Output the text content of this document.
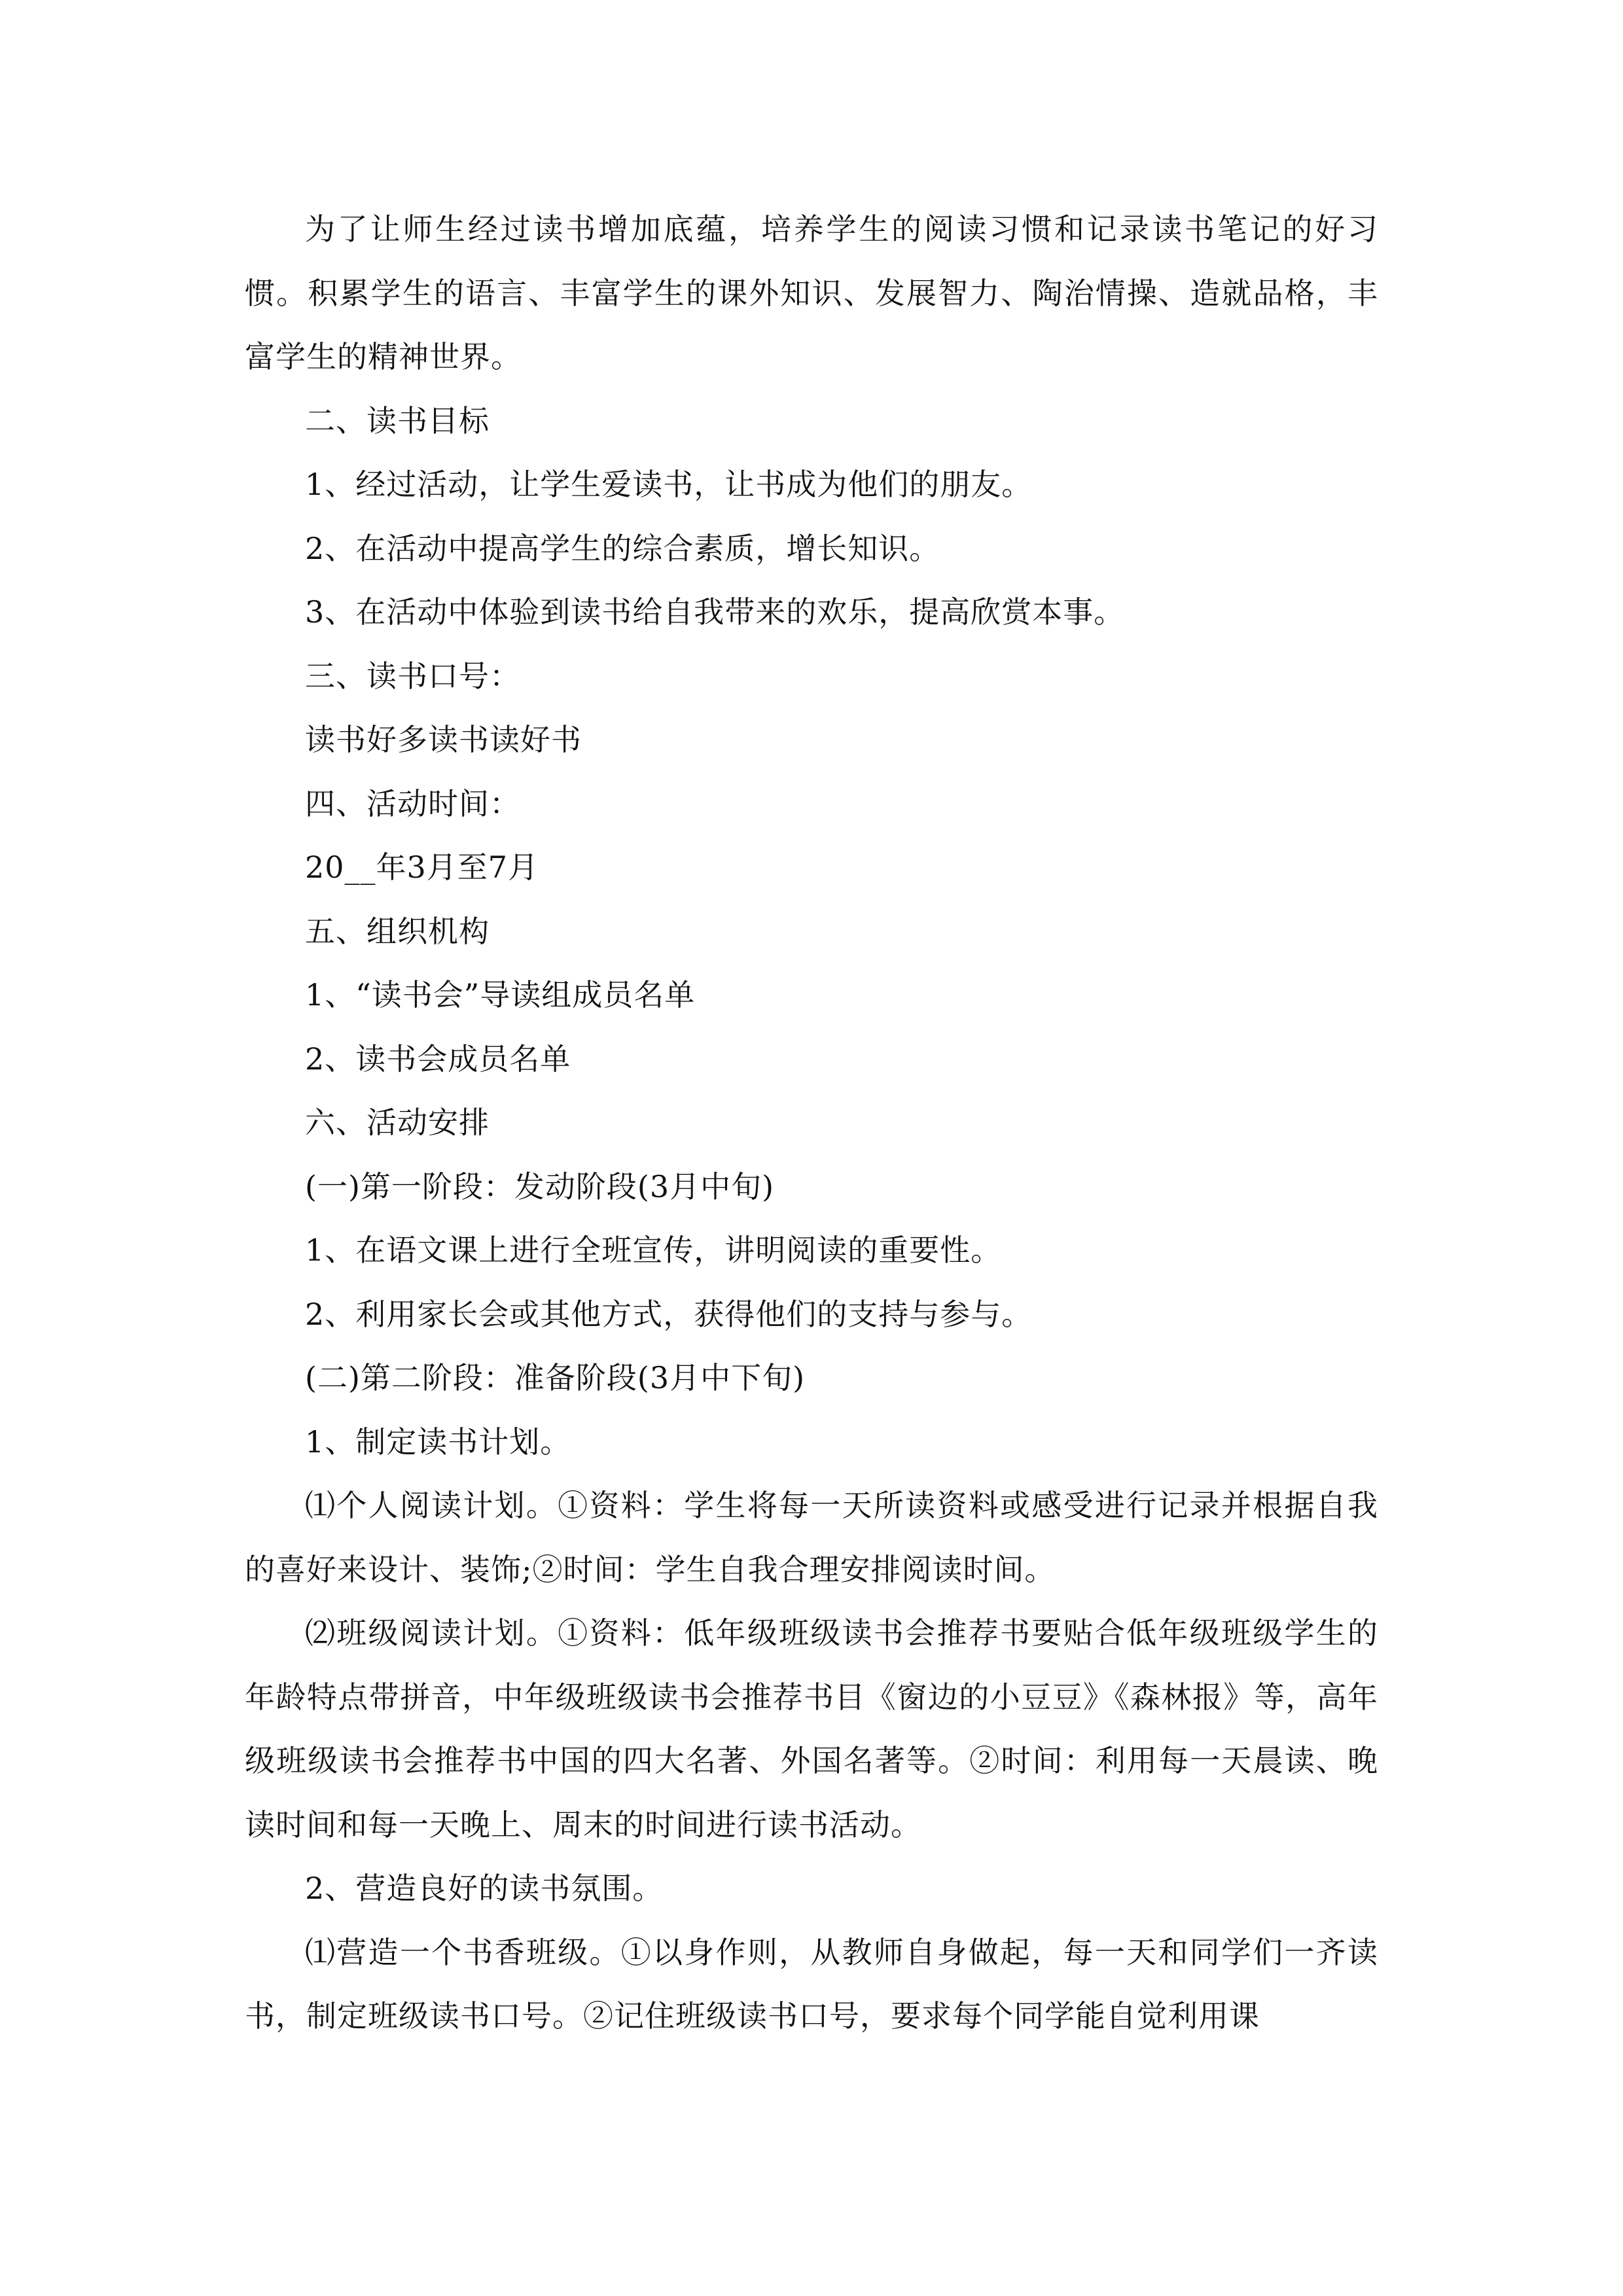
为了让师生经过读书增加底蕴，培养学生的阅读习惯和记录读书笔记的好习惯。积累学生的语言、丰富学生的课外知识、发展智力、陶治情操、造就品格，丰富学生的精神世界。

二、读书目标

1、经过活动，让学生爱读书，让书成为他们的朋友。

2、在活动中提高学生的综合素质，增长知识。

3、在活动中体验到读书给自我带来的欢乐，提高欣赏本事。

三、读书口号：

读书好多读书读好书

四、活动时间：

20__年3月至7月

五、组织机构

1、“读书会”导读组成员名单

2、读书会成员名单

六、活动安排

(一)第一阶段：发动阶段(3月中旬)

1、在语文课上进行全班宣传，讲明阅读的重要性。

2、利用家长会或其他方式，获得他们的支持与参与。

(二)第二阶段：准备阶段(3月中下旬)

1、制定读书计划。

⑴个人阅读计划。①资料：学生将每一天所读资料或感受进行记录并根据自我的喜好来设计、装饰;②时间：学生自我合理安排阅读时间。

⑵班级阅读计划。①资料：低年级班级读书会推荐书要贴合低年级班级学生的年龄特点带拼音，中年级班级读书会推荐书目《窗边的小豆豆》《森林报》等，高年级班级读书会推荐书中国的四大名著、外国名著等。②时间：利用每一天晨读、晚读时间和每一天晚上、周末的时间进行读书活动。

2、营造良好的读书氛围。

⑴营造一个书香班级。①以身作则，从教师自身做起，每一天和同学们一齐读书，制定班级读书口号。②记住班级读书口号，要求每个同学能自觉利用课
